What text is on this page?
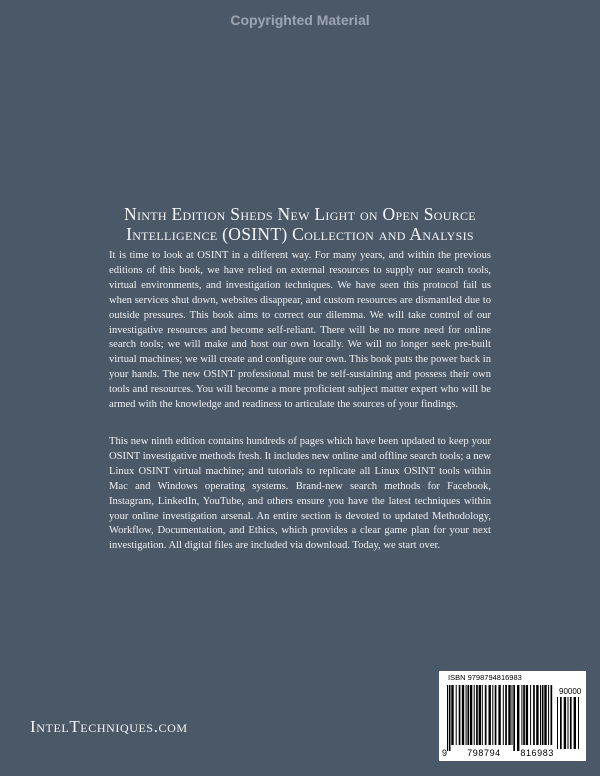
Copyrighted Material
Ninth Edition Sheds New Light on Open Source
Intelligence (OSINT) Collection and Analysis

It is time to look at OSINT in a different way. For many years, and within the previous editions of this book, we have relied on external resources to supply our search tools, virtual environments, and investigation techniques. We have seen this protocol fail us when services shut down, websites disappear, and custom resources are dismantled due to outside pressures. This book aims to correct our dilemma. We will take control of our investigative resources and become self-reliant. There will be no more need for online search tools; we will make and host our own locally. We will no longer seek pre-built virtual machines; we will create and configure our own. This book puts the power back in your hands. The new OSINT professional must be self-sustaining and possess their own tools and resources. You will become a more proficient subject matter expert who will be armed with the knowledge and readiness to articulate the sources of your findings.

This new ninth edition contains hundreds of pages which have been updated to keep your OSINT investigative methods fresh. It includes new online and offline search tools; a new Linux OSINT virtual machine; and tutorials to replicate all Linux OSINT tools within Mac and Windows operating systems. Brand-new search methods for Facebook, Instagram, LinkedIn, YouTube, and others ensure you have the latest techniques within your online investigation arsenal. An entire section is devoted to updated Methodology, Workflow, Documentation, and Ethics, which provides a clear game plan for your next investigation. All digital files are included via download. Today, we start over.

IntelTechniques.com
ISBN 9798794816983
90000
9 798794 816983
